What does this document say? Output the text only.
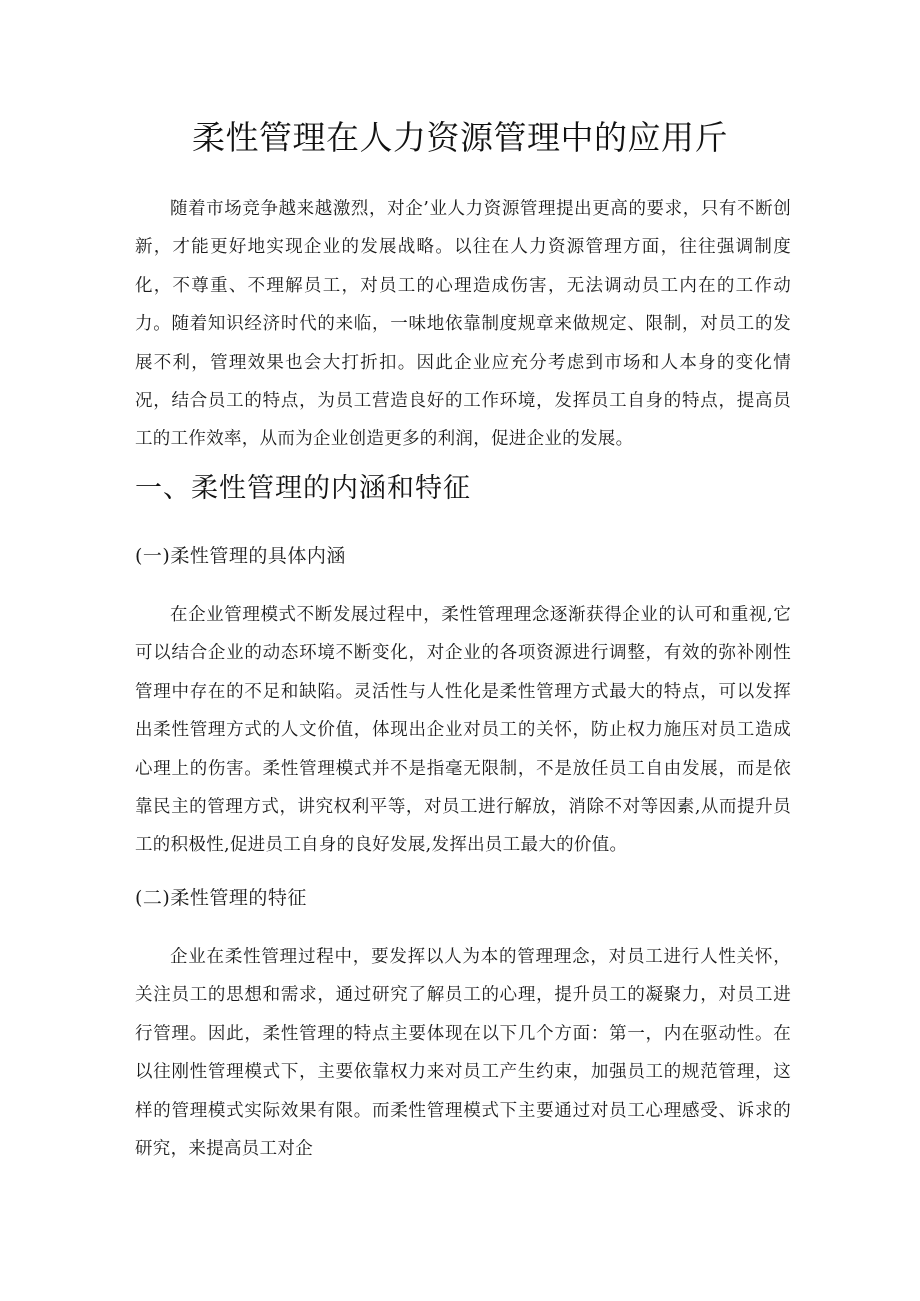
柔性管理在人力资源管理中的应用斤

随着市场竞争越来越激烈，对企’业人力资源管理提出更高的要求，只有不断创新，才能更好地实现企业的发展战略。以往在人力资源管理方面，往往强调制度化，不尊重、不理解员工，对员工的心理造成伤害，无法调动员工内在的工作动力。随着知识经济时代的来临，一味地依靠制度规章来做规定、限制，对员工的发展不利，管理效果也会大打折扣。因此企业应充分考虑到市场和人本身的变化情况，结合员工的特点，为员工营造良好的工作环境，发挥员工自身的特点，提高员工的工作效率，从而为企业创造更多的利润，促进企业的发展。

一、柔性管理的内涵和特征
(一)柔性管理的具体内涵

在企业管理模式不断发展过程中，柔性管理理念逐渐获得企业的认可和重视,它可以结合企业的动态环境不断变化，对企业的各项资源进行调整，有效的弥补刚性管理中存在的不足和缺陷。灵活性与人性化是柔性管理方式最大的特点，可以发挥出柔性管理方式的人文价值，体现出企业对员工的关怀，防止权力施压对员工造成心理上的伤害。柔性管理模式并不是指毫无限制，不是放任员工自由发展，而是依靠民主的管理方式，讲究权利平等，对员工进行解放，消除不对等因素,从而提升员工的积极性,促进员工自身的良好发展,发挥出员工最大的价值。

(二)柔性管理的特征

企业在柔性管理过程中，要发挥以人为本的管理理念，对员工进行人性关怀，关注员工的思想和需求，通过研究了解员工的心理，提升员工的凝聚力，对员工进行管理。因此，柔性管理的特点主要体现在以下几个方面：第一，内在驱动性。在以往刚性管理模式下，主要依靠权力来对员工产生约束，加强员工的规范管理，这样的管理模式实际效果有限。而柔性管理模式下主要通过对员工心理感受、诉求的研究，来提高员工对企
